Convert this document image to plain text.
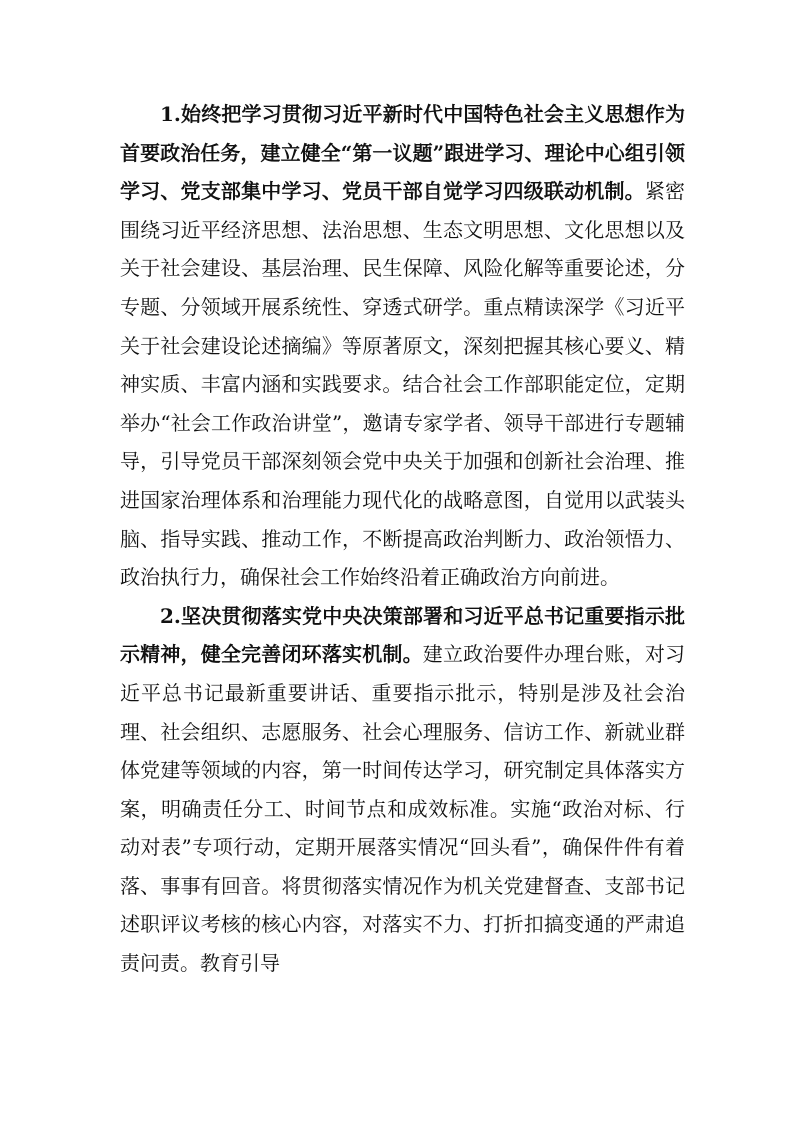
1.始终把学习贯彻习近平新时代中国特色社会主义思想作为首要政治任务，建立健全“第一议题”跟进学习、理论中心组引领学习、党支部集中学习、党员干部自觉学习四级联动机制。紧密围绕习近平经济思想、法治思想、生态文明思想、文化思想以及关于社会建设、基层治理、民生保障、风险化解等重要论述，分专题、分领域开展系统性、穿透式研学。重点精读深学《习近平关于社会建设论述摘编》等原著原文，深刻把握其核心要义、精神实质、丰富内涵和实践要求。结合社会工作部职能定位，定期举办“社会工作政治讲堂”，邀请专家学者、领导干部进行专题辅导，引导党员干部深刻领会党中央关于加强和创新社会治理、推进国家治理体系和治理能力现代化的战略意图，自觉用以武装头脑、指导实践、推动工作，不断提高政治判断力、政治领悟力、政治执行力，确保社会工作始终沿着正确政治方向前进。

2.坚决贯彻落实党中央决策部署和习近平总书记重要指示批示精神，健全完善闭环落实机制。建立政治要件办理台账，对习近平总书记最新重要讲话、重要指示批示，特别是涉及社会治理、社会组织、志愿服务、社会心理服务、信访工作、新就业群体党建等领域的内容，第一时间传达学习，研究制定具体落实方案，明确责任分工、时间节点和成效标准。实施“政治对标、行动对表”专项行动，定期开展落实情况“回头看”，确保件件有着落、事事有回音。将贯彻落实情况作为机关党建督查、支部书记述职评议考核的核心内容，对落实不力、打折扣搞变通的严肃追责问责。教育引导
